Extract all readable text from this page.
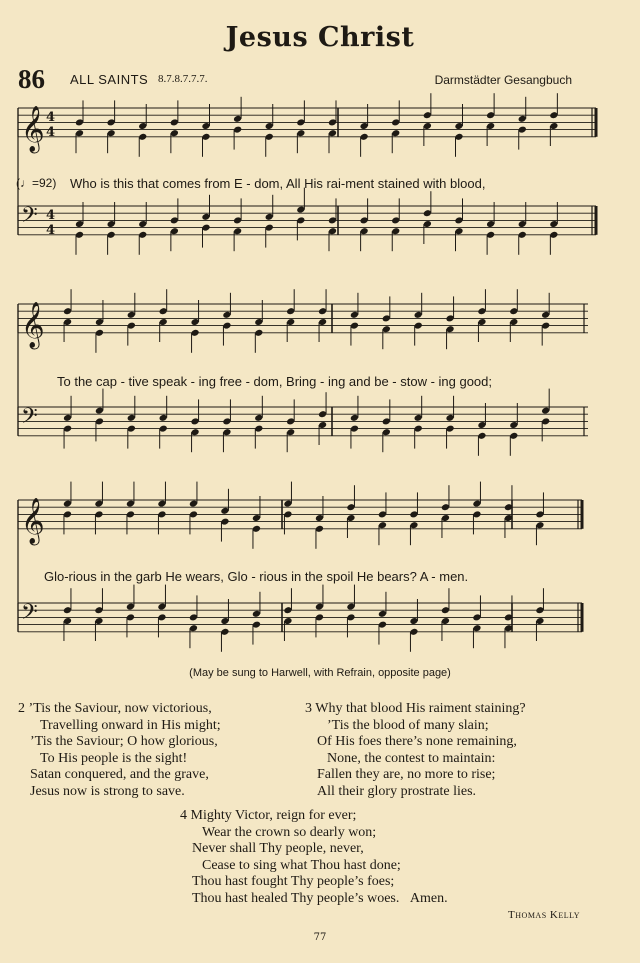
Jesus Christ
86 ALL SAINTS 8.7.8.7.7.7.	Darmstädter Gesangbuch
𝄞 4
4
𝄢 4
4
𝄞
𝄢
𝄞
𝄢
(♩=92) Who is this that comes from E - dom, All His rai-ment stained with blood,
To the cap - tive speak - ing free - dom, Bring - ing and be - stow - ing good;
Glo-rious in the garb He wears, Glo - rious in the spoil He bears? A - men.
(May be sung to Harwell, with Refrain, opposite page)
2 ’Tis the Saviour, now victorious,
Travelling onward in His might;
’Tis the Saviour; O how glorious,
To His people is the sight!
Satan conquered, and the grave,
Jesus now is strong to save.
3 Why that blood His raiment staining?
’Tis the blood of many slain;
Of His foes there’s none remaining,
None, the contest to maintain:
Fallen they are, no more to rise;
All their glory prostrate lies.
4 Mighty Victor, reign for ever;
Wear the crown so dearly won;
Never shall Thy people, never,
Cease to sing what Thou hast done;
Thou hast fought Thy people’s foes;
Thou hast healed Thy people’s woes. Amen.
Thomas Kelly
77
